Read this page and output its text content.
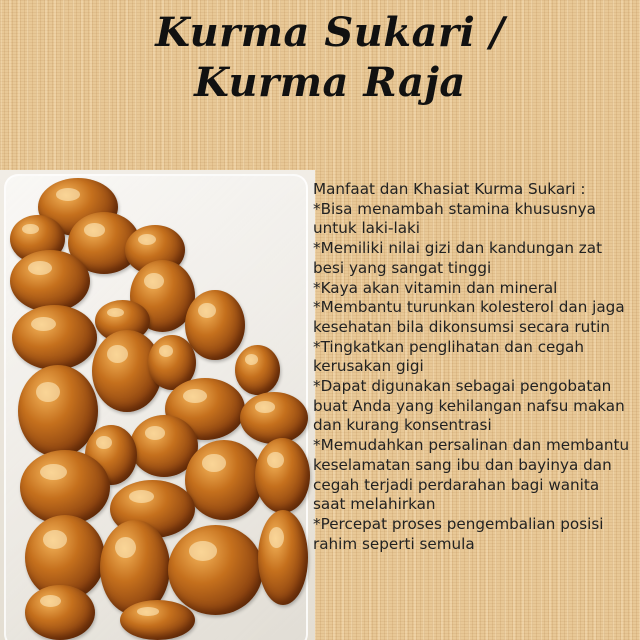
Kurma Sukari /
Kurma Raja
Manfaat dan Khasiat Kurma Sukari :
*Bisa menambah stamina khususnya untuk laki-laki
*Memiliki nilai gizi dan kandungan zat besi yang sangat tinggi
*Kaya akan vitamin dan mineral
*Membantu turunkan kolesterol dan jaga kesehatan bila dikonsumsi secara rutin
*Tingkatkan penglihatan dan cegah kerusakan gigi
*Dapat digunakan sebagai pengobatan buat Anda yang kehilangan nafsu makan dan kurang konsentrasi
*Memudahkan persalinan dan membantu keselamatan sang ibu dan bayinya dan cegah terjadi perdarahan bagi wanita saat melahirkan
*Percepat proses pengembalian posisi rahim seperti semula
